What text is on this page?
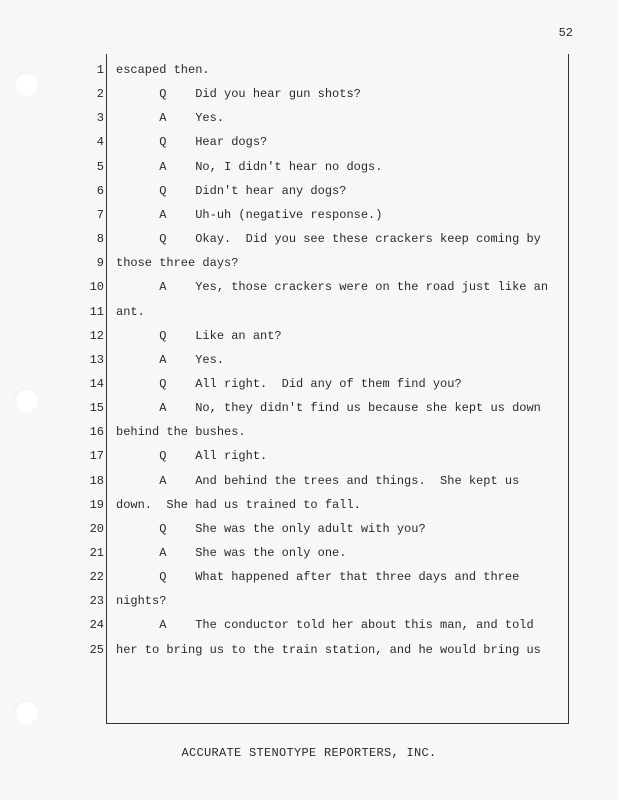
52
1 escaped then.
2 Q    Did you hear gun shots?
3 A    Yes.
4 Q    Hear dogs?
5 A    No, I didn't hear no dogs.
6 Q    Didn't hear any dogs?
7 A    Uh-uh (negative response.)
8 Q    Okay.  Did you see these crackers keep coming by
9 those three days?
10 A    Yes, those crackers were on the road just like an
11 ant.
12 Q    Like an ant?
13 A    Yes.
14 Q    All right.  Did any of them find you?
15 A    No, they didn't find us because she kept us down
16 behind the bushes.
17 Q    All right.
18 A    And behind the trees and things.  She kept us
19 down.  She had us trained to fall.
20 Q    She was the only adult with you?
21 A    She was the only one.
22 Q    What happened after that three days and three
23 nights?
24 A    The conductor told her about this man, and told
25 her to bring us to the train station, and he would bring us
ACCURATE STENOTYPE REPORTERS, INC.
